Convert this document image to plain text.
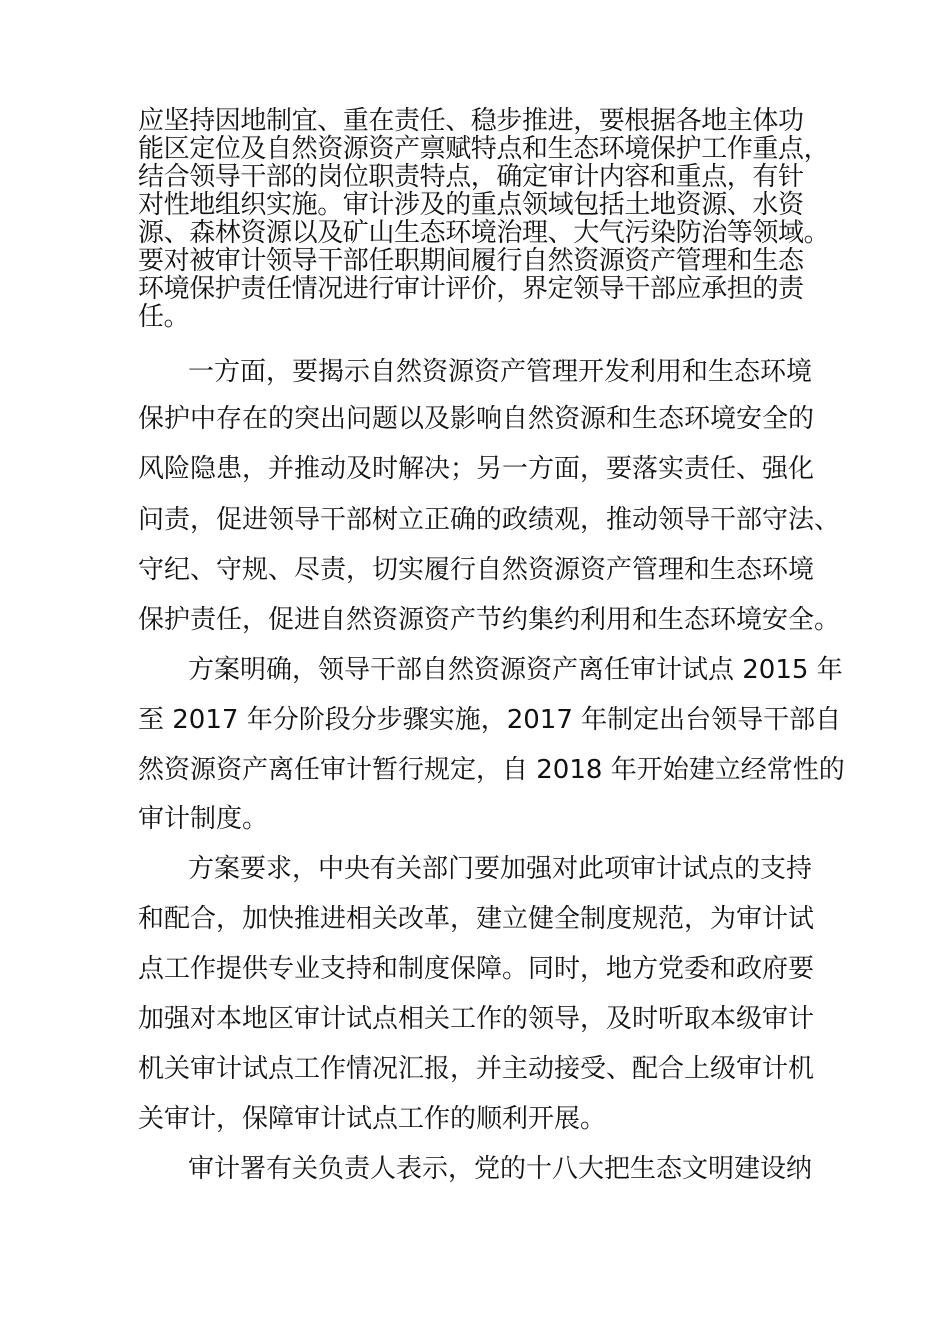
应坚持因地制宜、重在责任、稳步推进，要根据各地主体功
能区定位及自然资源资产禀赋特点和生态环境保护工作重点，
结合领导干部的岗位职责特点，确定审计内容和重点，有针
对性地组织实施。审计涉及的重点领域包括土地资源、水资
源、森林资源以及矿山生态环境治理、大气污染防治等领域。
要对被审计领导干部任职期间履行自然资源资产管理和生态
环境保护责任情况进行审计评价，界定领导干部应承担的责
任。
一方面，要揭示自然资源资产管理开发利用和生态环境
保护中存在的突出问题以及影响自然资源和生态环境安全的
风险隐患，并推动及时解决；另一方面，要落实责任、强化
问责，促进领导干部树立正确的政绩观，推动领导干部守法、
守纪、守规、尽责，切实履行自然资源资产管理和生态环境
保护责任，促进自然资源资产节约集约利用和生态环境安全。
方案明确，领导干部自然资源资产离任审计试点 2015 年
至 2017 年分阶段分步骤实施，2017 年制定出台领导干部自
然资源资产离任审计暂行规定，自 2018 年开始建立经常性的
审计制度。
方案要求，中央有关部门要加强对此项审计试点的支持
和配合，加快推进相关改革，建立健全制度规范，为审计试
点工作提供专业支持和制度保障。同时，地方党委和政府要
加强对本地区审计试点相关工作的领导，及时听取本级审计
机关审计试点工作情况汇报，并主动接受、配合上级审计机
关审计，保障审计试点工作的顺利开展。
审计署有关负责人表示，党的十八大把生态文明建设纳
